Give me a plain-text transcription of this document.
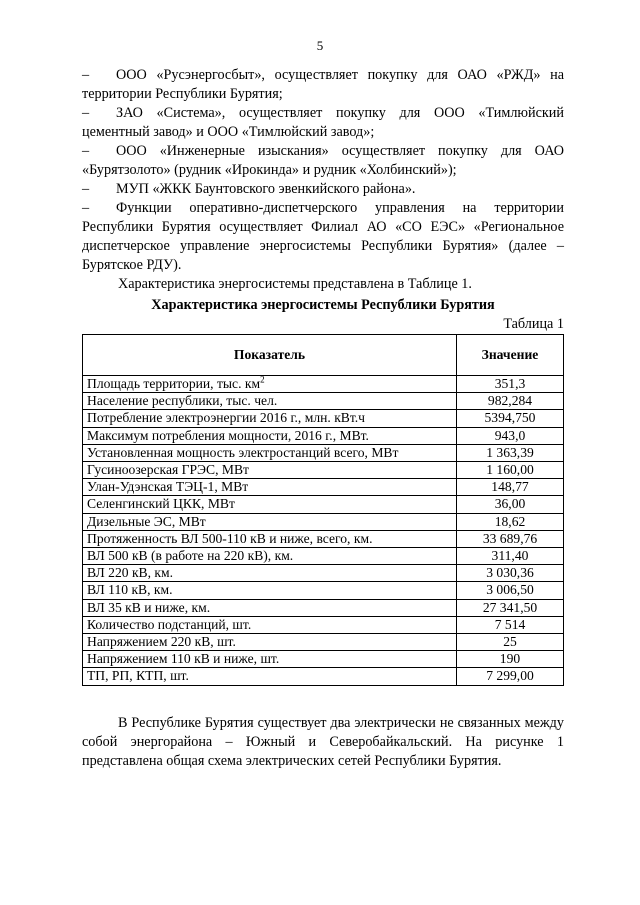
5

– ООО «Русэнергосбыт», осуществляет покупку для ОАО «РЖД» на территории Республики Бурятия;

– ЗАО «Система», осуществляет покупку для ООО «Тимлюйский цементный завод» и ООО «Тимлюйский завод»;

– ООО «Инженерные изыскания» осуществляет покупку для ОАО «Бурятзолото» (рудник «Ирокинда» и рудник «Холбинский»);

– МУП «ЖКК Баунтовского эвенкийского района».

– Функции оперативно-диспетчерского управления на территории Республики Бурятия осуществляет Филиал АО «СО ЕЭС» «Региональное диспетчерское управление энергосистемы Республики Бурятия» (далее – Бурятское РДУ).

Характеристика энергосистемы представлена в Таблице 1.

Характеристика энергосистемы Республики Бурятия
Таблица 1
Показатель	Значение
Площадь территории, тыс. $км^2$	351,3
Население республики, тыс. чел.	982,284
Потребление электроэнергии 2016 г., млн. кВт.ч	5394,750
Максимум потребления мощности, 2016 г., МВт.	943,0
Установленная мощность электростанций всего, МВт	1 363,39
Гусиноозерская ГРЭС, МВт	1 160,00
Улан-Удэнская ТЭЦ-1, МВт	148,77
Селенгинский ЦКК, МВт	36,00
Дизельные ЭС, МВт	18,62
Протяженность ВЛ 500-110 кВ и ниже, всего, км.	33 689,76
ВЛ 500 кВ (в работе на 220 кВ), км.	311,40
ВЛ 220 кВ, км.	3 030,36
ВЛ 110 кВ, км.	3 006,50
ВЛ 35 кВ и ниже, км.	27 341,50
Количество подстанций, шт.	7 514
Напряжением 220 кВ, шт.	25
Напряжением 110 кВ и ниже, шт.	190
ТП, РП, КТП, шт.	7 299,00

В Республике Бурятия существует два электрически не связанных между собой энергорайона – Южный и Северобайкальский. На рисунке 1 представлена общая схема электрических сетей Республики Бурятия.
